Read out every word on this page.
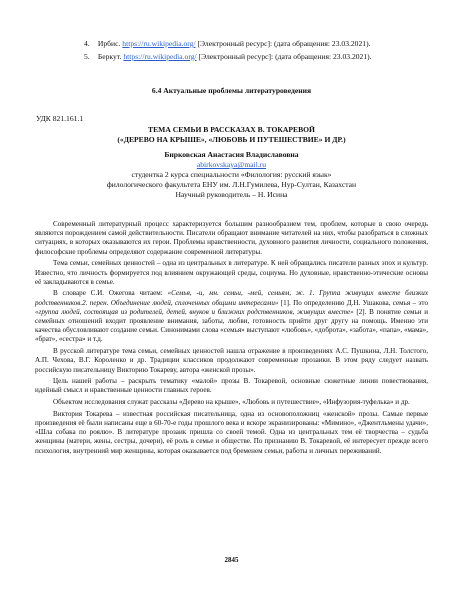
4. Ирбис. https://ru.wikipedia.org/ [Электронный ресурс]: (дата обращения: 23.03.2021).
5. Беркут. https://ru.wikipedia.org/ [Электронный ресурс]: (дата обращения: 23.03.2021).
6.4 Актуальные проблемы литературоведения
УДК 821.161.1
ТЕМА СЕМЬИ В РАССКАЗАХ В. ТОКАРЕВОЙ
(«ДЕРЕВО НА КРЫШЕ», «ЛЮБОВЬ И ПУТЕШЕСТВИЕ» И ДР.)
Бирковская Анастасия Владиславовна
abirkovskaya@mail.ru
студентка 2 курса специальности «Филология: русский язык»
филологического факультета ЕНУ им. Л.Н.Гумилева, Нур-Султан, Казахстан
Научный руководитель – Н. Исина

Современный литературный процесс характеризуется большим разнообразием тем, проблем, которые в свою очередь являются порождением самой действительности. Писатели обращают внимание читателей на них, чтобы разобраться в сложных ситуациях, в которых оказываются их герои. Проблемы нравственности, духовного развития личности, социального положения, философские проблемы определяют содержание современной литературы.

Тема семьи, семейных ценностей – одна из центральных в литературе. К ней обращались писатели разных эпох и культур. Известно, что личность формируется под влиянием окружающей среды, социума. Но духовные, нравственно-этические основы её закладываются в семье.

В словаре С.И. Ожегова читаем: «Семья, -и, мн. семьи, -мей, семьям, ж. 1. Группа живущих вместе близких родственников.2. перен. Объединение людей, сплоченных общими интересами» [1]. По определению Д.Н. Ушакова, семья – это «группа людей, состоящая из родителей, детей, внуков и ближних родственников, живущих вместе» [2]. В понятие семьи и семейных отношений входит проявление внимания, заботы, любви, готовность прийти друг другу на помощь. Именно эти качества обусловливают создание семьи. Синонимами слова «семья» выступают «любовь», «доброта», «забота», «папа», «мама», «брат», «сестра» и т.д.

В русской литературе тема семьи, семейных ценностей нашла отражение в произведениях А.С. Пушкина, Л.Н. Толстого, А.П. Чехова, В.Г. Короленко и др. Традиции классиков продолжают современные прозаики. В этом ряду следует назвать российскую писательницу Викторию Токареву, автора «женской прозы».

Цель нашей работы – раскрыть тематику «малой» прозы В. Токаревой, основные сюжетные линии повествования, идейный смысл и нравственные ценности главных героев.

Объектом исследования служат рассказы «Дерево на крыше», «Любовь и путешествие», «Инфузория-туфелька» и др.

Виктория Токарева – известная российская писательница, одна из основоположниц «женской» прозы. Самые первые произведения её были написаны еще в 60-70-е годы прошлого века и вскоре экранизированы: «Мимино», «Джентльмены удачи», «Шла собака по роялю». В литературе прозаик пришла со своей темой. Одна из центральных тем её творчества – судьба женщины (матери, жены, сестры, дочери), её роль в семье и обществе. По признанию В. Токаревой, её интересует прежде всего психология, внутренний мир женщины, которая оказывается под бременем семьи, работы и личных переживаний.

2845
